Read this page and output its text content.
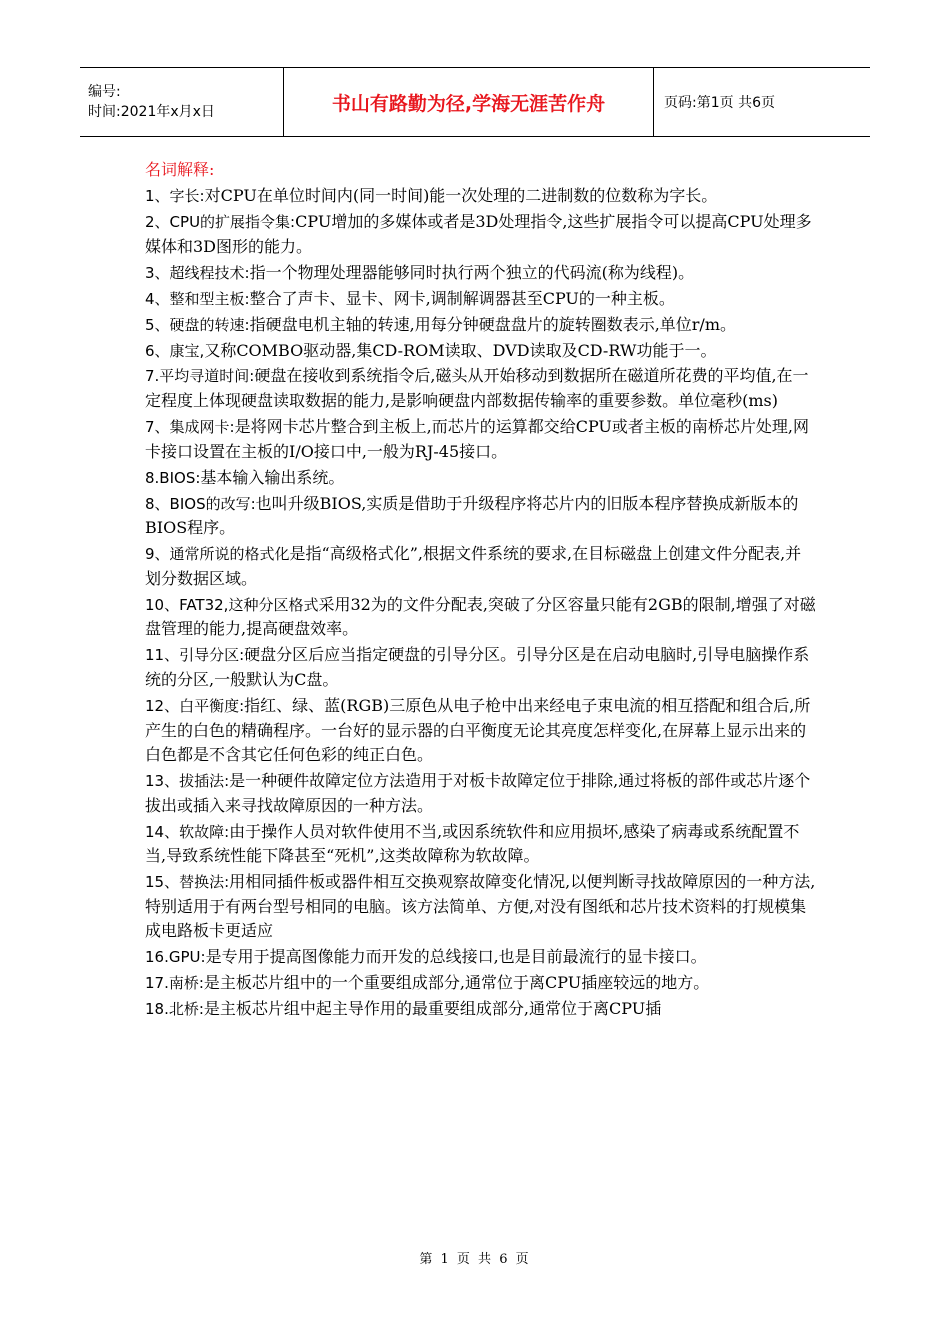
编号:
时间:2021年x月x日	书山有路勤为径,学海无涯苦作舟	页码:第1页 共6页
名词解释:
1、字长:对CPU在单位时间内(同一时间)能一次处理的二进制数的位数称为字长。
2、CPU的扩展指令集:CPU增加的多媒体或者是3D处理指令,这些扩展指令可以提高CPU处理多媒体和3D图形的能力。
3、超线程技术:指一个物理处理器能够同时执行两个独立的代码流(称为线程)。
4、整和型主板:整合了声卡、显卡、网卡,调制解调器甚至CPU的一种主板。
5、硬盘的转速:指硬盘电机主轴的转速,用每分钟硬盘盘片的旋转圈数表示,单位r/m。
6、康宝,又称COMBO驱动器,集CD-ROM读取、DVD读取及CD-RW功能于一。
7.平均寻道时间:硬盘在接收到系统指令后,磁头从开始移动到数据所在磁道所花费的平均值,在一定程度上体现硬盘读取数据的能力,是影响硬盘内部数据传输率的重要参数。单位毫秒(ms)
7、集成网卡:是将网卡芯片整合到主板上,而芯片的运算都交给CPU或者主板的南桥芯片处理,网卡接口设置在主板的I/O接口中,一般为RJ-45接口。
8.BIOS:基本输入输出系统。
8、BIOS的改写:也叫升级BIOS,实质是借助于升级程序将芯片内的旧版本程序替换成新版本的BIOS程序。
9、通常所说的格式化是指“高级格式化”,根据文件系统的要求,在目标磁盘上创建文件分配表,并划分数据区域。
10、FAT32,这种分区格式采用32为的文件分配表,突破了分区容量只能有2GB的限制,增强了对磁盘管理的能力,提高硬盘效率。
11、引导分区:硬盘分区后应当指定硬盘的引导分区。引导分区是在启动电脑时,引导电脑操作系统的分区,一般默认为C盘。
12、白平衡度:指红、绿、蓝(RGB)三原色从电子枪中出来经电子束电流的相互搭配和组合后,所产生的白色的精确程序。一台好的显示器的白平衡度无论其亮度怎样变化,在屏幕上显示出来的白色都是不含其它任何色彩的纯正白色。
13、拔插法:是一种硬件故障定位方法造用于对板卡故障定位于排除,通过将板的部件或芯片逐个拔出或插入来寻找故障原因的一种方法。
14、软故障:由于操作人员对软件使用不当,或因系统软件和应用损坏,感染了病毒或系统配置不当,导致系统性能下降甚至“死机”,这类故障称为软故障。
15、替换法:用相同插件板或器件相互交换观察故障变化情况,以便判断寻找故障原因的一种方法,特别适用于有两台型号相同的电脑。该方法简单、方便,对没有图纸和芯片技术资料的打规模集成电路板卡更适应
16.GPU:是专用于提高图像能力而开发的总线接口,也是目前最流行的显卡接口。
17.南桥:是主板芯片组中的一个重要组成部分,通常位于离CPU插座较远的地方。
18.北桥:是主板芯片组中起主导作用的最重要组成部分,通常位于离CPU插
第 1 页 共 6 页
